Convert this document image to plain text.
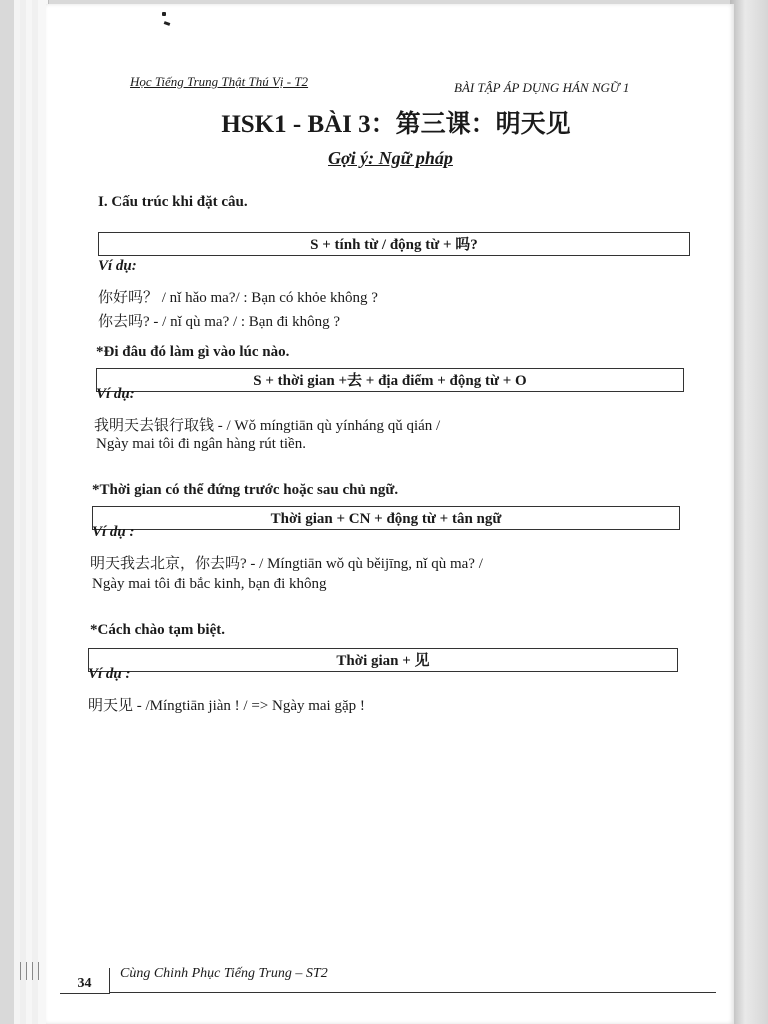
Học Tiếng Trung Thật Thú Vị - T2	BÀI TẬP ÁP DỤNG HÁN NGỮ 1
HSK1 - BÀI 3：第三课：明天见
Gợi ý: Ngữ pháp
I. Cấu trúc khi đặt câu.
S + tính từ / động từ + 吗?
Ví dụ:
你好吗？ / nǐ hǎo ma?/ : Bạn có khỏe không ?
你去吗? - / nǐ qù ma? / : Bạn đi không ?
*Đi đâu đó làm gì vào lúc nào.
S + thời gian +去 + địa điểm + động từ + O
Ví dụ:
我明天去银行取钱 - / Wǒ míngtiān qù yínháng qǔ qián /
Ngày mai tôi đi ngân hàng rút tiền.
*Thời gian có thể đứng trước hoặc sau chủ ngữ.
Thời gian + CN + động từ + tân ngữ
Ví dụ :
明天我去北京，你去吗? - / Míngtiān wǒ qù běijīng, nǐ qù ma? /
Ngày mai tôi đi bắc kinh, bạn đi không
*Cách chào tạm biệt.
Thời gian + 见
Ví dụ :
明天见 - /Míngtiān jiàn ! / => Ngày mai gặp !
34
Cùng Chinh Phục Tiếng Trung – ST2
